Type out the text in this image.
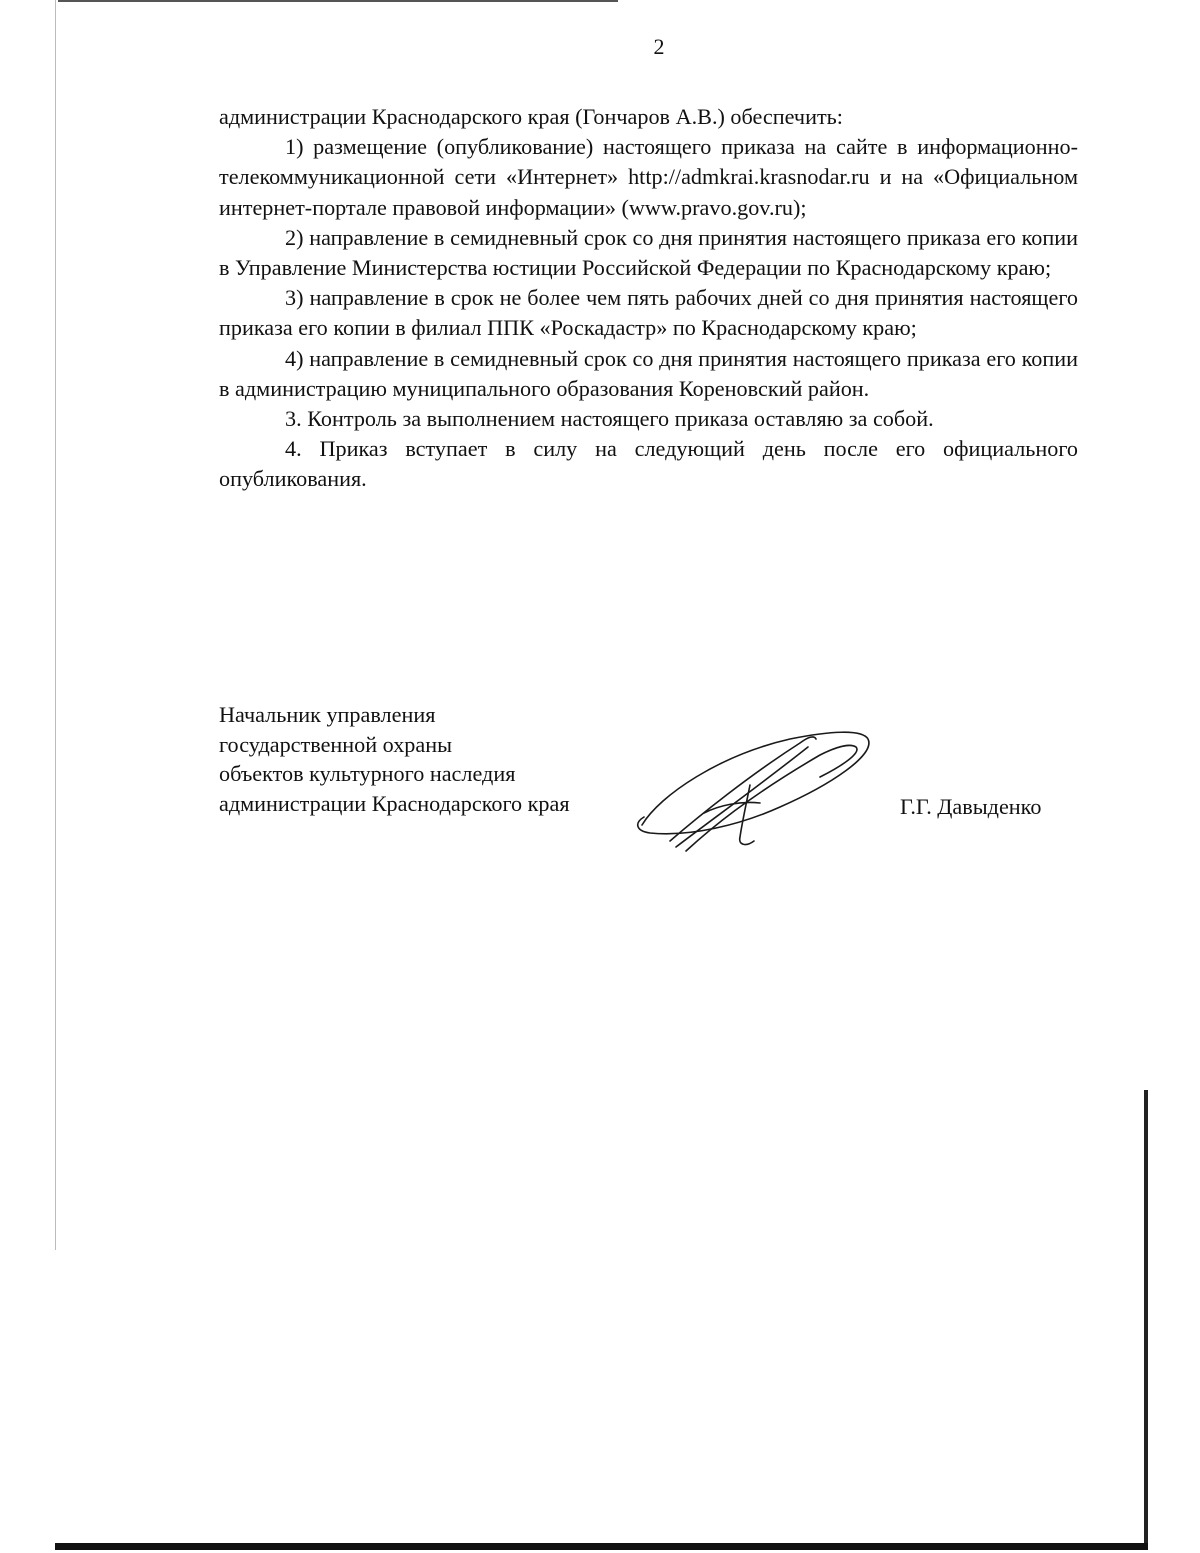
2

администрации Краснодарского края (Гончаров А.В.) обеспечить:

1) размещение (опубликование) настоящего приказа на сайте в информационно-телекоммуникационной сети «Интернет» http://admkrai.krasnodar.ru и на «Официальном интернет-портале правовой информации» (www.pravo.gov.ru);

2) направление в семидневный срок со дня принятия настоящего приказа его копии в Управление Министерства юстиции Российской Федерации по Краснодарскому краю;

3) направление в срок не более чем пять рабочих дней со дня принятия настоящего приказа его копии в филиал ППК «Роскадастр» по Краснодарскому краю;

4) направление в семидневный срок со дня принятия настоящего приказа его копии в администрацию муниципального образования Кореновский район.

3. Контроль за выполнением настоящего приказа оставляю за собой.

4. Приказ вступает в силу на следующий день после его официального опубликования.

Начальник управления
государственной охраны
объектов культурного наследия
администрации Краснодарского края	Г.Г. Давыденко
